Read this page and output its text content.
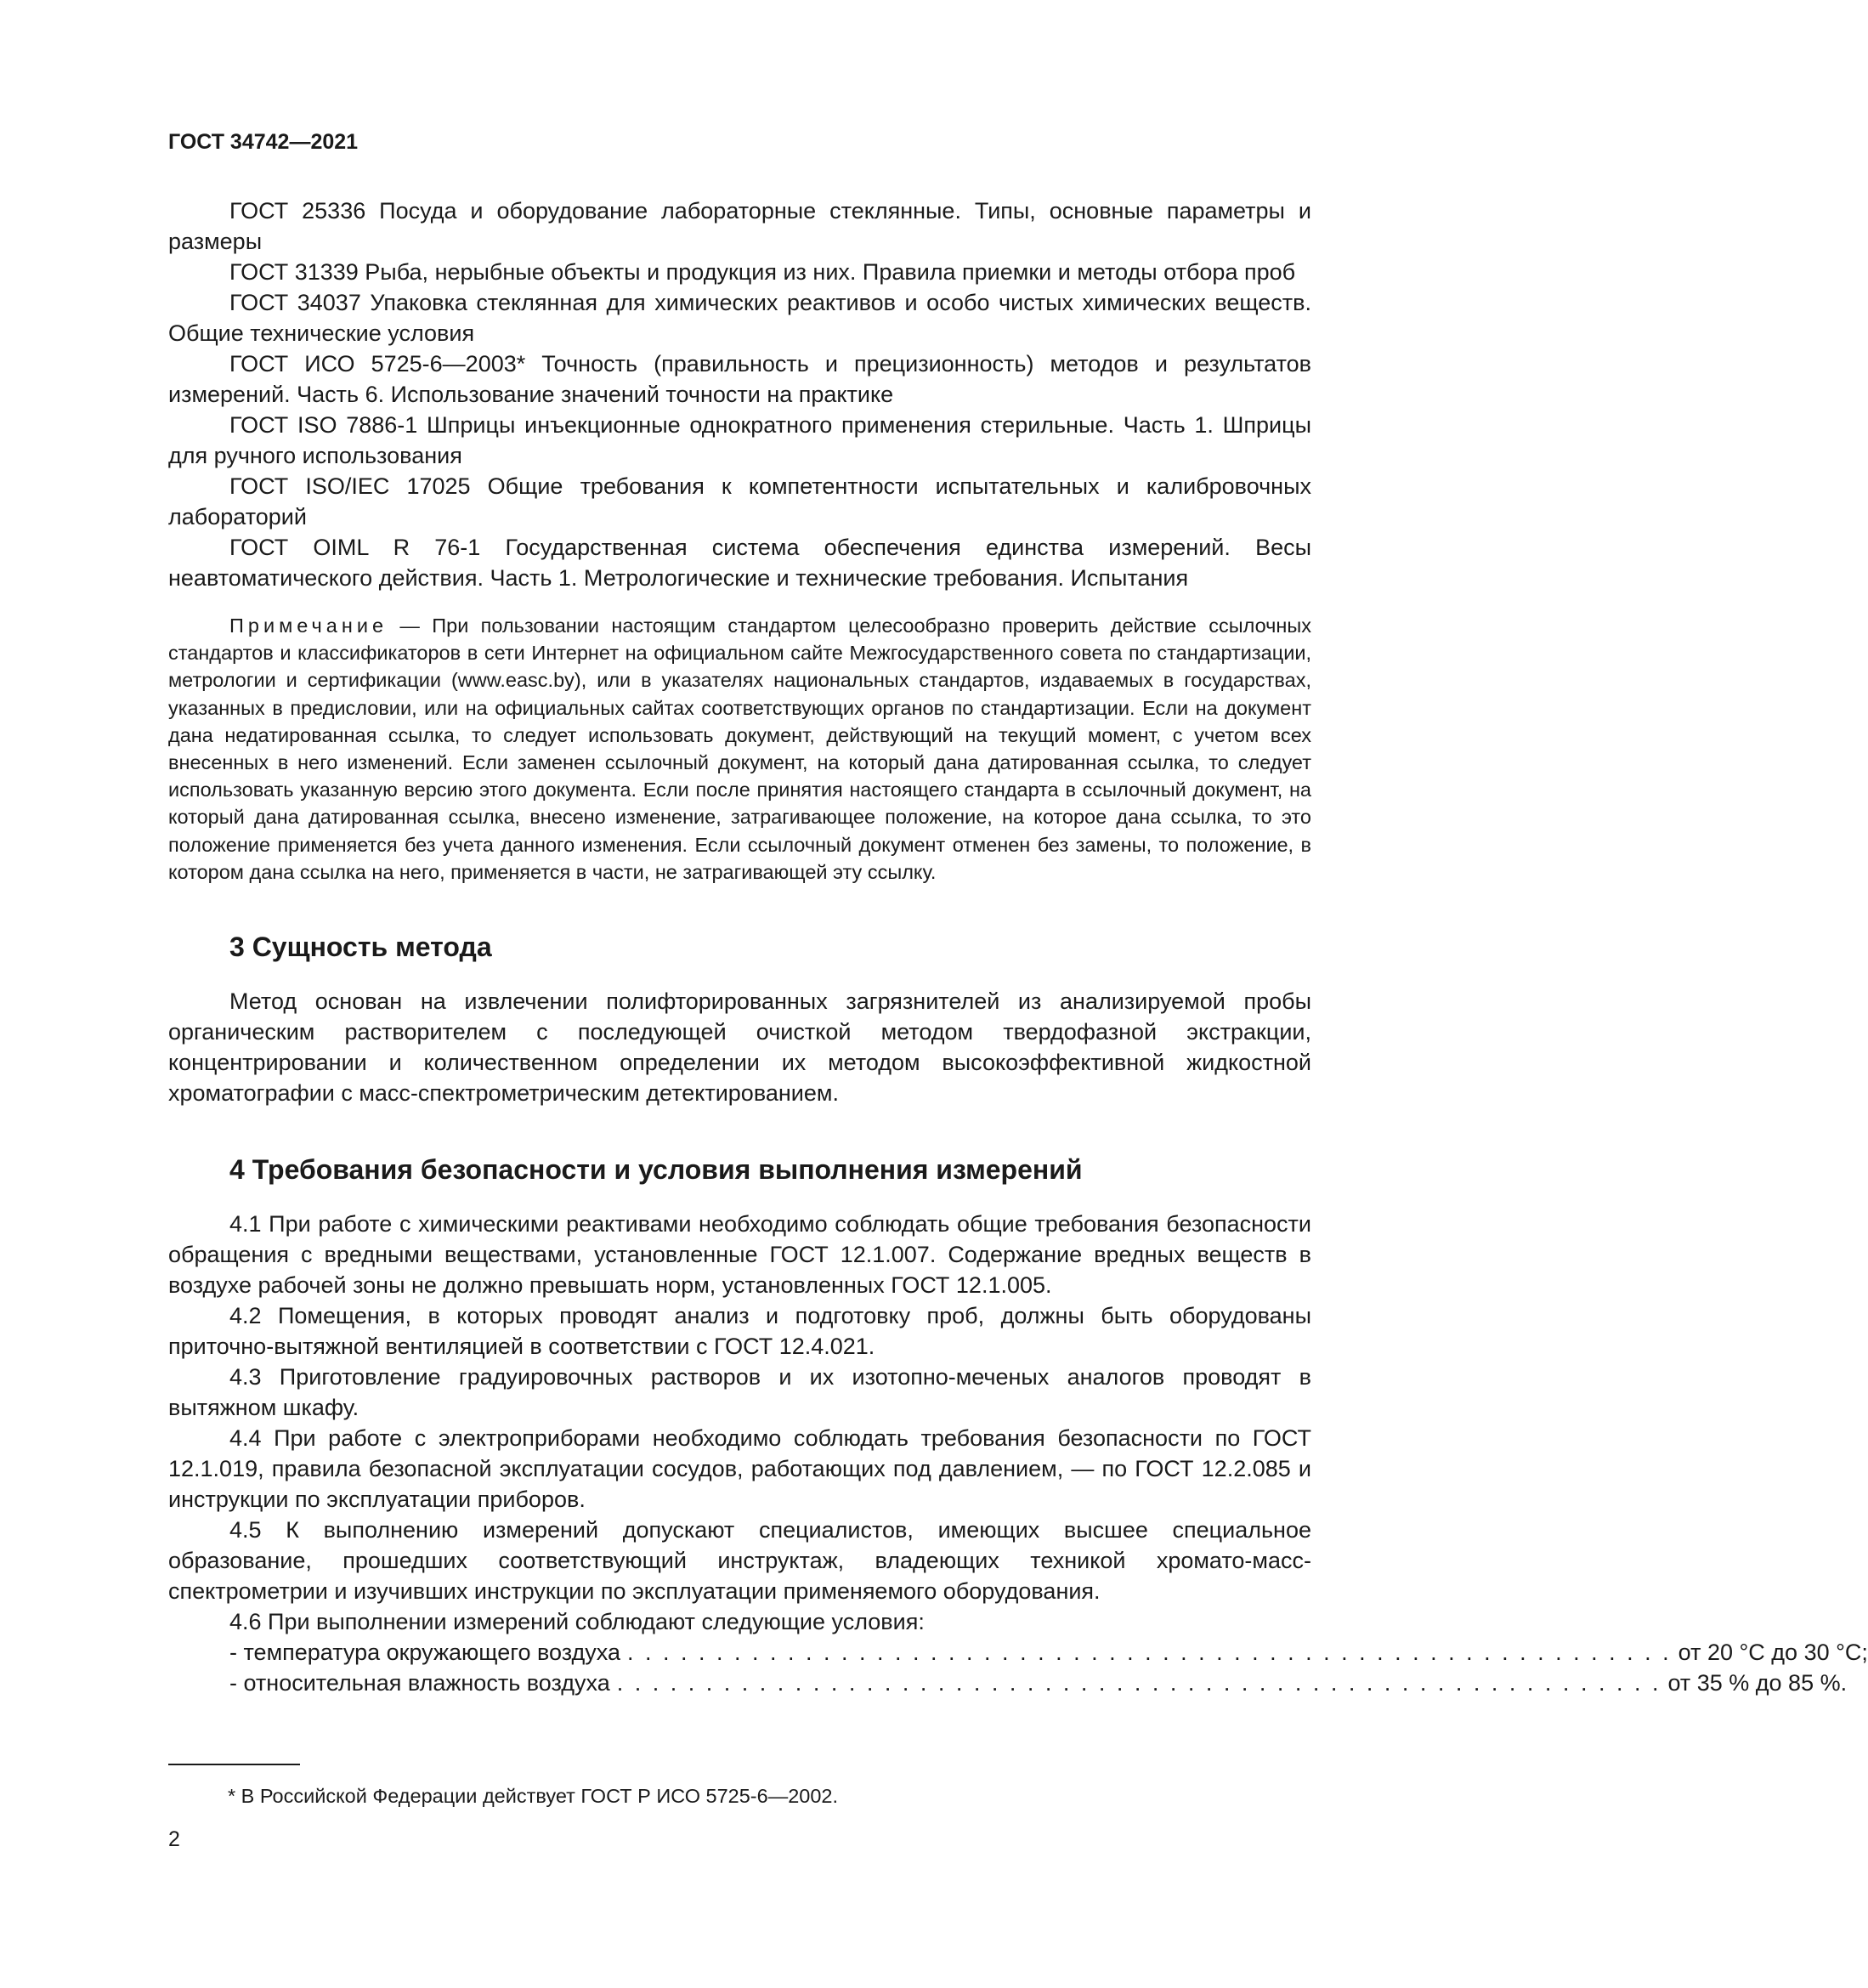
ГОСТ 34742—2021

ГОСТ 25336 Посуда и оборудование лабораторные стеклянные. Типы, основные параметры и размеры

ГОСТ 31339 Рыба, нерыбные объекты и продукция из них. Правила приемки и методы отбора проб

ГОСТ 34037 Упаковка стеклянная для химических реактивов и особо чистых химических веществ. Общие технические условия

ГОСТ ИСО 5725-6—2003* Точность (правильность и прецизионность) методов и результатов измерений. Часть 6. Использование значений точности на практике

ГОСТ ISO 7886-1 Шприцы инъекционные однократного применения стерильные. Часть 1. Шприцы для ручного использования

ГОСТ ISO/IEC 17025 Общие требования к компетентности испытательных и калибровочных лабораторий

ГОСТ OIML R 76-1 Государственная система обеспечения единства измерений. Весы неавтоматического действия. Часть 1. Метрологические и технические требования. Испытания

Примечание — При пользовании настоящим стандартом целесообразно проверить действие ссылочных стандартов и классификаторов в сети Интернет на официальном сайте Межгосударственного совета по стандартизации, метрологии и сертификации (www.easc.by), или в указателях национальных стандартов, издаваемых в государствах, указанных в предисловии, или на официальных сайтах соответствующих органов по стандартизации. Если на документ дана недатированная ссылка, то следует использовать документ, действующий на текущий момент, с учетом всех внесенных в него изменений. Если заменен ссылочный документ, на который дана датированная ссылка, то следует использовать указанную версию этого документа. Если после принятия настоящего стандарта в ссылочный документ, на который дана датированная ссылка, внесено изменение, затрагивающее положение, на которое дана ссылка, то это положение применяется без учета данного изменения. Если ссылочный документ отменен без замены, то положение, в котором дана ссылка на него, применяется в части, не затрагивающей эту ссылку.
3 Сущность метода

Метод основан на извлечении полифторированных загрязнителей из анализируемой пробы органическим растворителем с последующей очисткой методом твердофазной экстракции, концентрировании и количественном определении их методом высокоэффективной жидкостной хроматографии с масс-спектрометрическим детектированием.

4 Требования безопасности и условия выполнения измерений

4.1 При работе с химическими реактивами необходимо соблюдать общие требования безопасности обращения с вредными веществами, установленные ГОСТ 12.1.007. Содержание вредных веществ в воздухе рабочей зоны не должно превышать норм, установленных ГОСТ 12.1.005.

4.2 Помещения, в которых проводят анализ и подготовку проб, должны быть оборудованы приточно-вытяжной вентиляцией в соответствии с ГОСТ 12.4.021.

4.3 Приготовление градуировочных растворов и их изотопно-меченых аналогов проводят в вытяжном шкафу.

4.4 При работе с электроприборами необходимо соблюдать требования безопасности по ГОСТ 12.1.019, правила безопасной эксплуатации сосудов, работающих под давлением, — по ГОСТ 12.2.085 и инструкции по эксплуатации приборов.

4.5 К выполнению измерений допускают специалистов, имеющих высшее специальное образование, прошедших соответствующий инструктаж, владеющих техникой хромато-масс-спектрометрии и изучивших инструкции по эксплуатации применяемого оборудования.

4.6 При выполнении измерений соблюдают следующие условия:

- температура окружающего воздуха . . . . . . . . . . . . . . . . . . . . . . . . . . . . . . . . . . . . . . . . . . . . . . . . . . . . . . . . . . . от 20 °С до 30 °С;
- относительная влажность воздуха . . . . . . . . . . . . . . . . . . . . . . . . . . . . . . . . . . . . . . . . . . . . . . . . . . . . . . . . . . . от 35 % до 85 %.
* В Российской Федерации действует ГОСТ Р ИСО 5725-6—2002.
2
